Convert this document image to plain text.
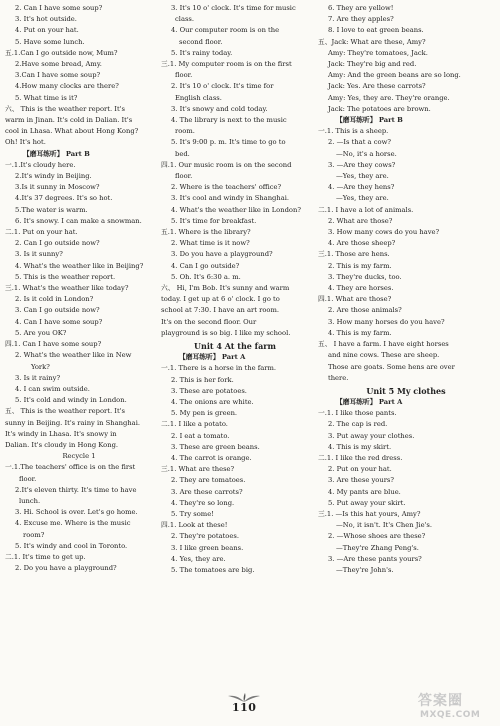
2. Can I have some soup?
3. It's hot outside.
4. Put on your hat.
5. Have some lunch.
五.1.Can I go outside now, Mum?
2.Have some bread, Amy.
3.Can I have some soup?
4.How many clocks are there?
5. What time is it?
六、 This is the weather report. It's
warm in Jinan. It's cold in Dalian. It's
cool in Lhasa. What about Hong Kong?
Oh! It's hot.
【磨耳练听】 Part B
一.1.It's cloudy here.
2.It's windy in Beijing.
3.Is it sunny in Moscow?
4.It's 37 degrees. It's so hot.
5.The water is warm.
6. It's snowy. I can make a snowman.
二.1. Put on your hat.
2. Can I go outside now?
3. Is it sunny?
4. What's the weather like in Beijing?
5. This is the weather report.
三.1. What's the weather like today?
2. Is it cold in London?
3. Can I go outside now?
4. Can I have some soup?
5. Are you OK?
四.1. Can I have some soup?
2. What's the weather like in New
York?
3. Is it rainy?
4. I can swim outside.
5. It's cold and windy in London.
五、 This is the weather report. It's
sunny in Beijing. It's rainy in Shanghai.
It's windy in Lhasa. It's snowy in
Dalian. It's cloudy in Hong Kong.
Recycle 1
一.1.The teachers' office is on the first
floor.
2.It's eleven thirty. It's time to have
lunch.
3. Hi. School is over. Let's go home.
4. Excuse me. Where is the music
room?
5. It's windy and cool in Toronto.
二.1. It's time to get up.
2. Do you have a playground?
3. It's 10 o' clock. It's time for music
class.
4. Our computer room is on the
second floor.
5. It's rainy today.
三.1. My computer room is on the first
floor.
2. It's 10 o' clock. It's time for
English class.
3. It's snowy and cold today.
4. The library is next to the music
room.
5. It's 9:00 p. m. It's time to go to
bed.
四.1. Our music room is on the second
floor.
2. Where is the teachers' office?
3. It's cool and windy in Shanghai.
4. What's the weather like in London?
5. It's time for breakfast.
五.1. Where is the library?
2. What time is it now?
3. Do you have a playground?
4. Can I go outside?
5. Oh. It's 6:30 a. m.
六、 Hi, I'm Bob. It's sunny and warm
today. I get up at 6 o' clock. I go to
school at 7:30. I have an art room.
It's on the second floor. Our
playground is so big. I like my school.
Unit 4 At the farm
【磨耳练听】 Part A
一.1. There is a horse in the farm.
2. This is her fork.
3. These are potatoes.
4. The onions are white.
5. My pen is green.
二.1. I like a potato.
2. I eat a tomato.
3. These are green beans.
4. The carrot is orange.
三.1. What are these?
2. They are tomatoes.
3. Are these carrots?
4. They're so long.
5. Try some!
四.1. Look at these!
2. They're potatoes.
3. I like green beans.
4. Yes, they are.
5. The tomatoes are big.
6. They are yellow!
7. Are they apples?
8. I love to eat green beans.
五、Jack: What are these, Amy?
Amy: They're tomatoes, Jack.
Jack: They're big and red.
Amy: And the green beans are so long.
Jack: Yes. Are these carrots?
Amy: Yes, they are. They're orange.
Jack: The potatoes are brown.
【磨耳练听】 Part B
一.1. This is a sheep.
2. —Is that a cow?
—No, it's a horse.
3. —Are they cows?
—Yes, they are.
4. —Are they hens?
—Yes, they are.
二.1. I have a lot of animals.
2. What are those?
3. How many cows do you have?
4. Are those sheep?
三.1. Those are hens.
2. This is my farm.
3. They're ducks, too.
4. They are horses.
四.1. What are those?
2. Are those animals?
3. How many horses do you have?
4. This is my farm.
五、 I have a farm. I have eight horses
and nine cows. These are sheep.
Those are goats. Some hens are over
there.
Unit 5 My clothes
【磨耳练听】 Part A
一.1. I like those pants.
2. The cap is red.
3. Put away your clothes.
4. This is my skirt.
二.1. I like the red dress.
2. Put on your hat.
3. Are these yours?
4. My pants are blue.
5. Put away your skirt.
三.1. —Is this hat yours, Amy?
—No, it isn't. It's Chen Jie's.
2. —Whose shoes are these?
—They're Zhang Peng's.
3. —Are these pants yours?
—They're John's.
110	答案圈
MXQE.COM
